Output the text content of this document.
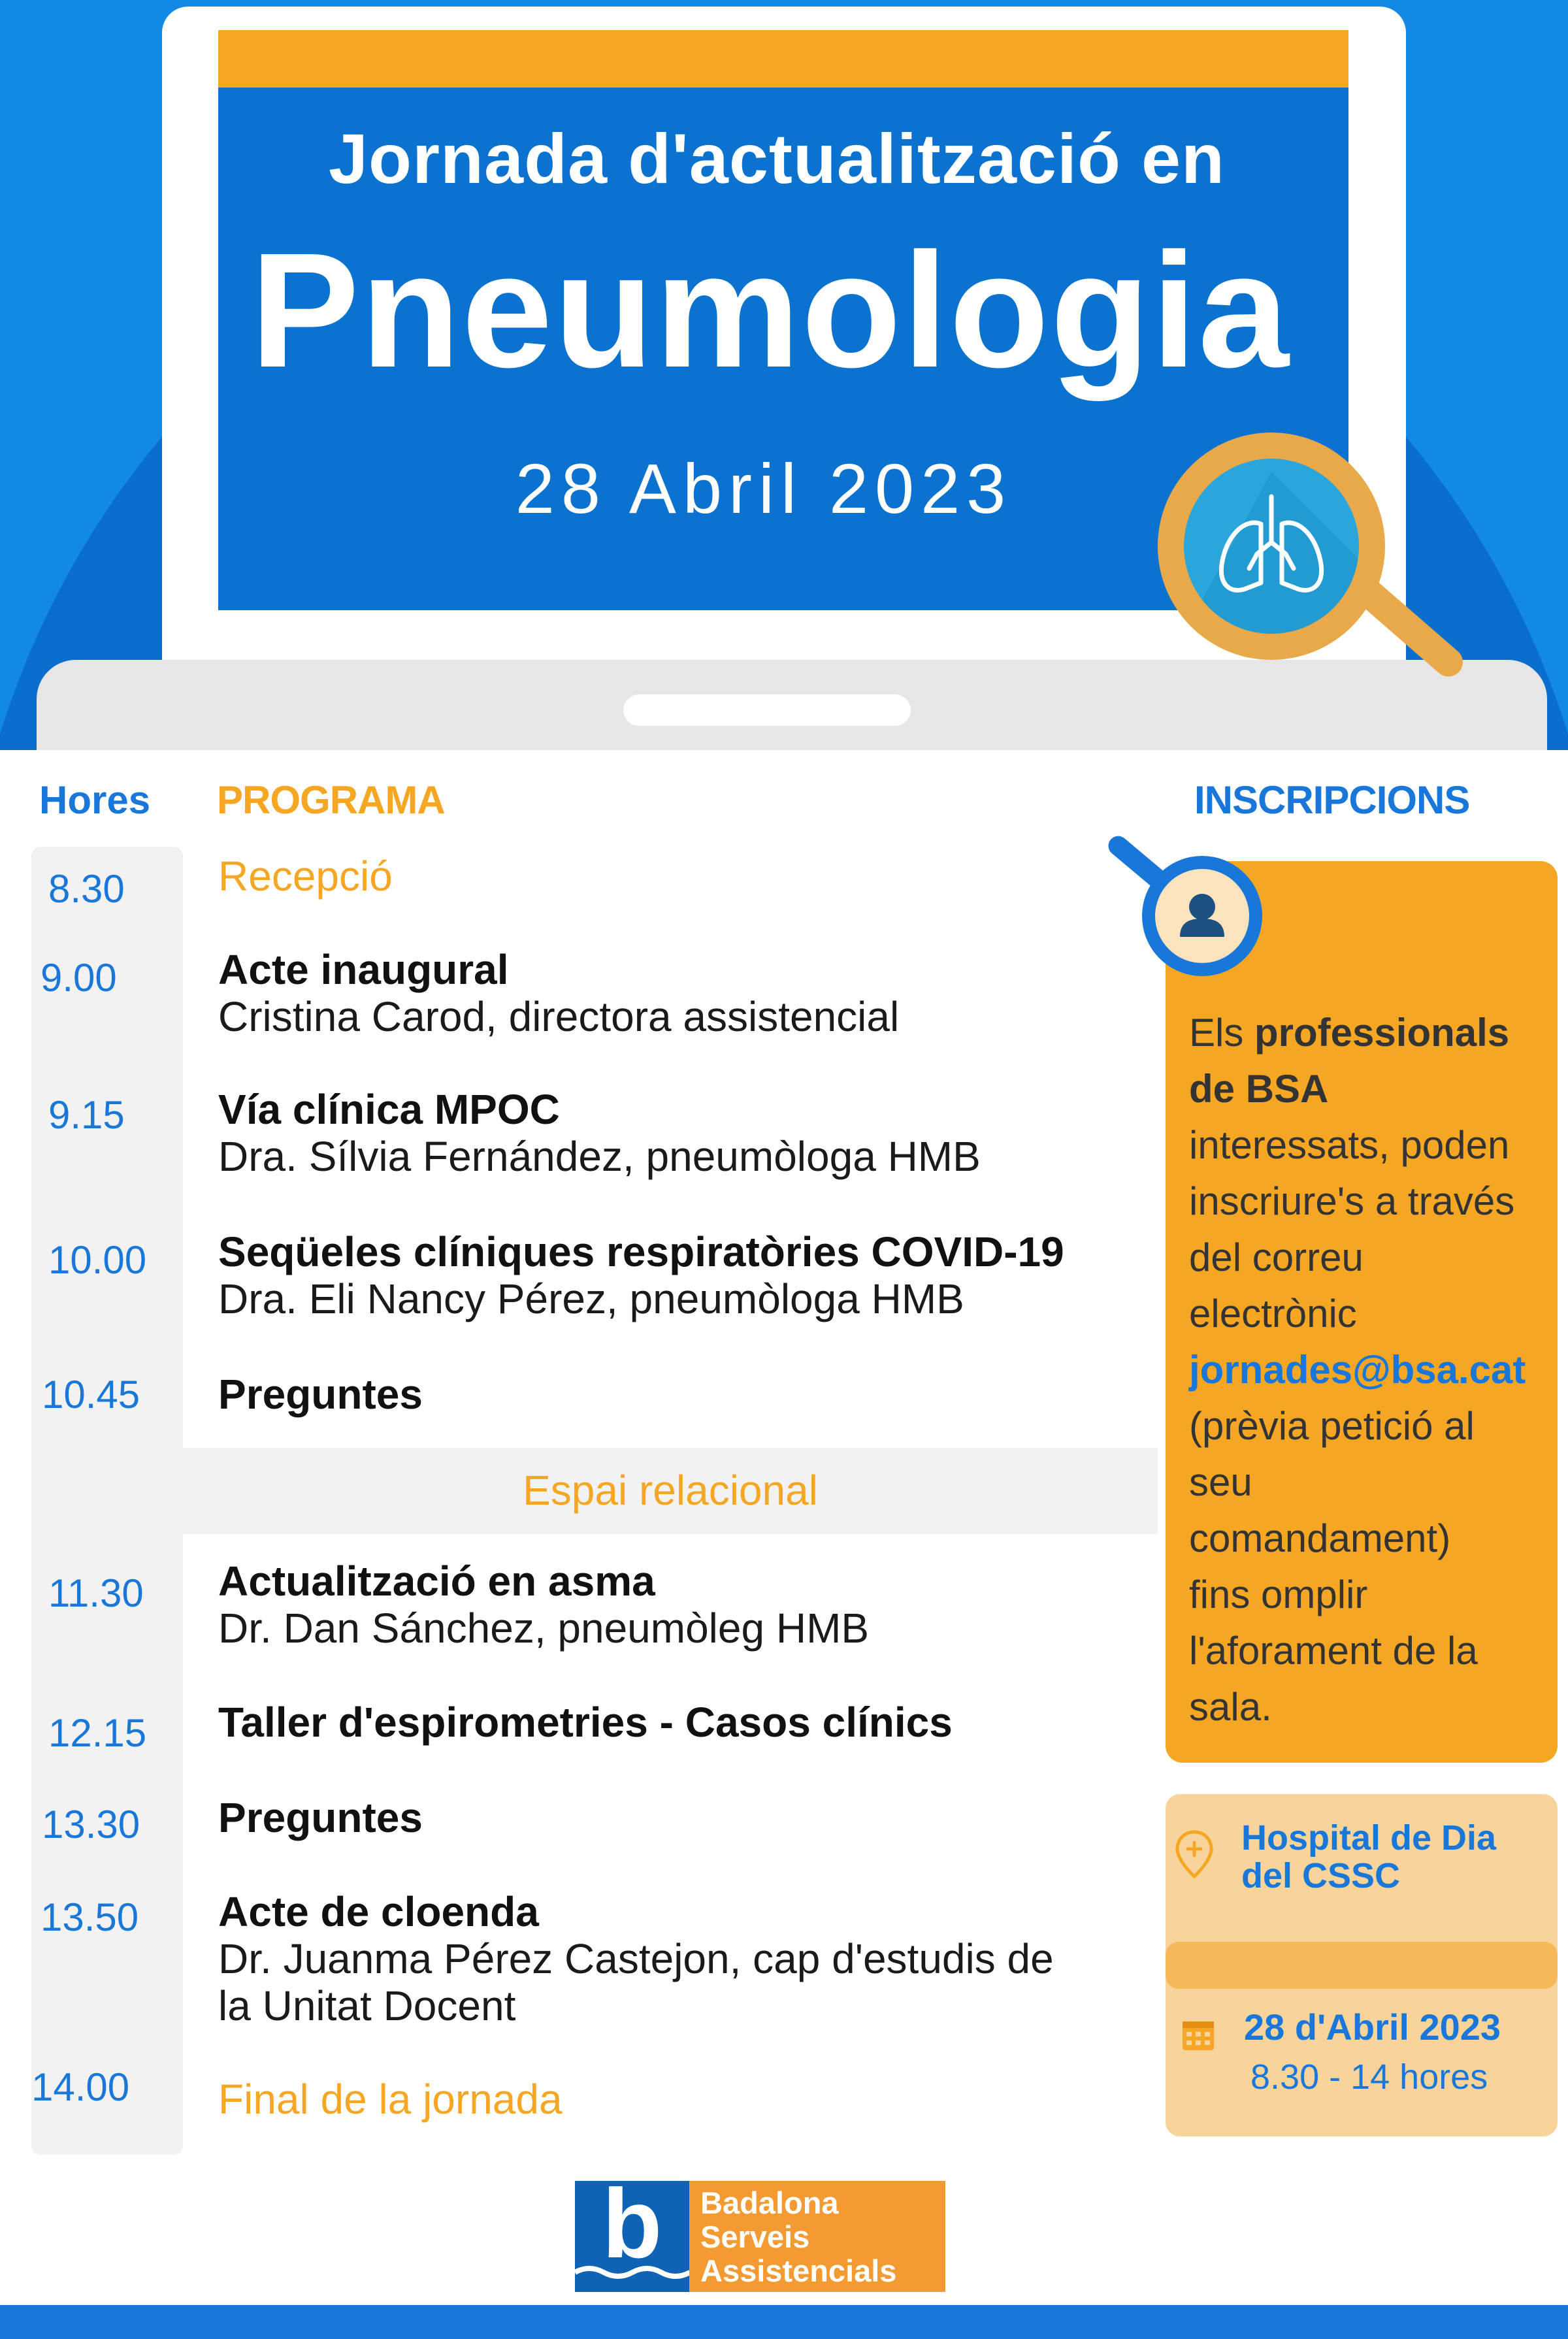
Jornada d'actualització en
Pneumologia
28 Abril 2023
Hores PROGRAMA	INSCRIPCIONS
8.30 Recepció
9.00 Acte inaugural
Cristina Carod, directora assistencial
9.15 Vía clínica MPOC
Dra. Sílvia Fernández, pneumòloga HMB
10.00 Seqüeles clíniques respiratòries COVID-19
Dra. Eli Nancy Pérez, pneumòloga HMB
10.45 Preguntes
Espai relacional
11.30 Actualització en asma
Dr. Dan Sánchez, pneumòleg HMB
12.15 Taller d'espirometries - Casos clínics
13.30 Preguntes
13.50 Acte de cloenda
Dr. Juanma Pérez Castejon, cap d'estudis de
la Unitat Docent
14.00 Final de la jornada
Els professionals
de BSA
interessats, poden
inscriure's a través
del correu
electrònic
jornades@bsa.cat
(prèvia petició al
seu
comandament)
fins omplir
l'aforament de la
sala.
Hospital de Dia
del CSSC
28 d'Abril 2023
8.30 - 14 hores
b	Badalona
Serveis
Assistencials
